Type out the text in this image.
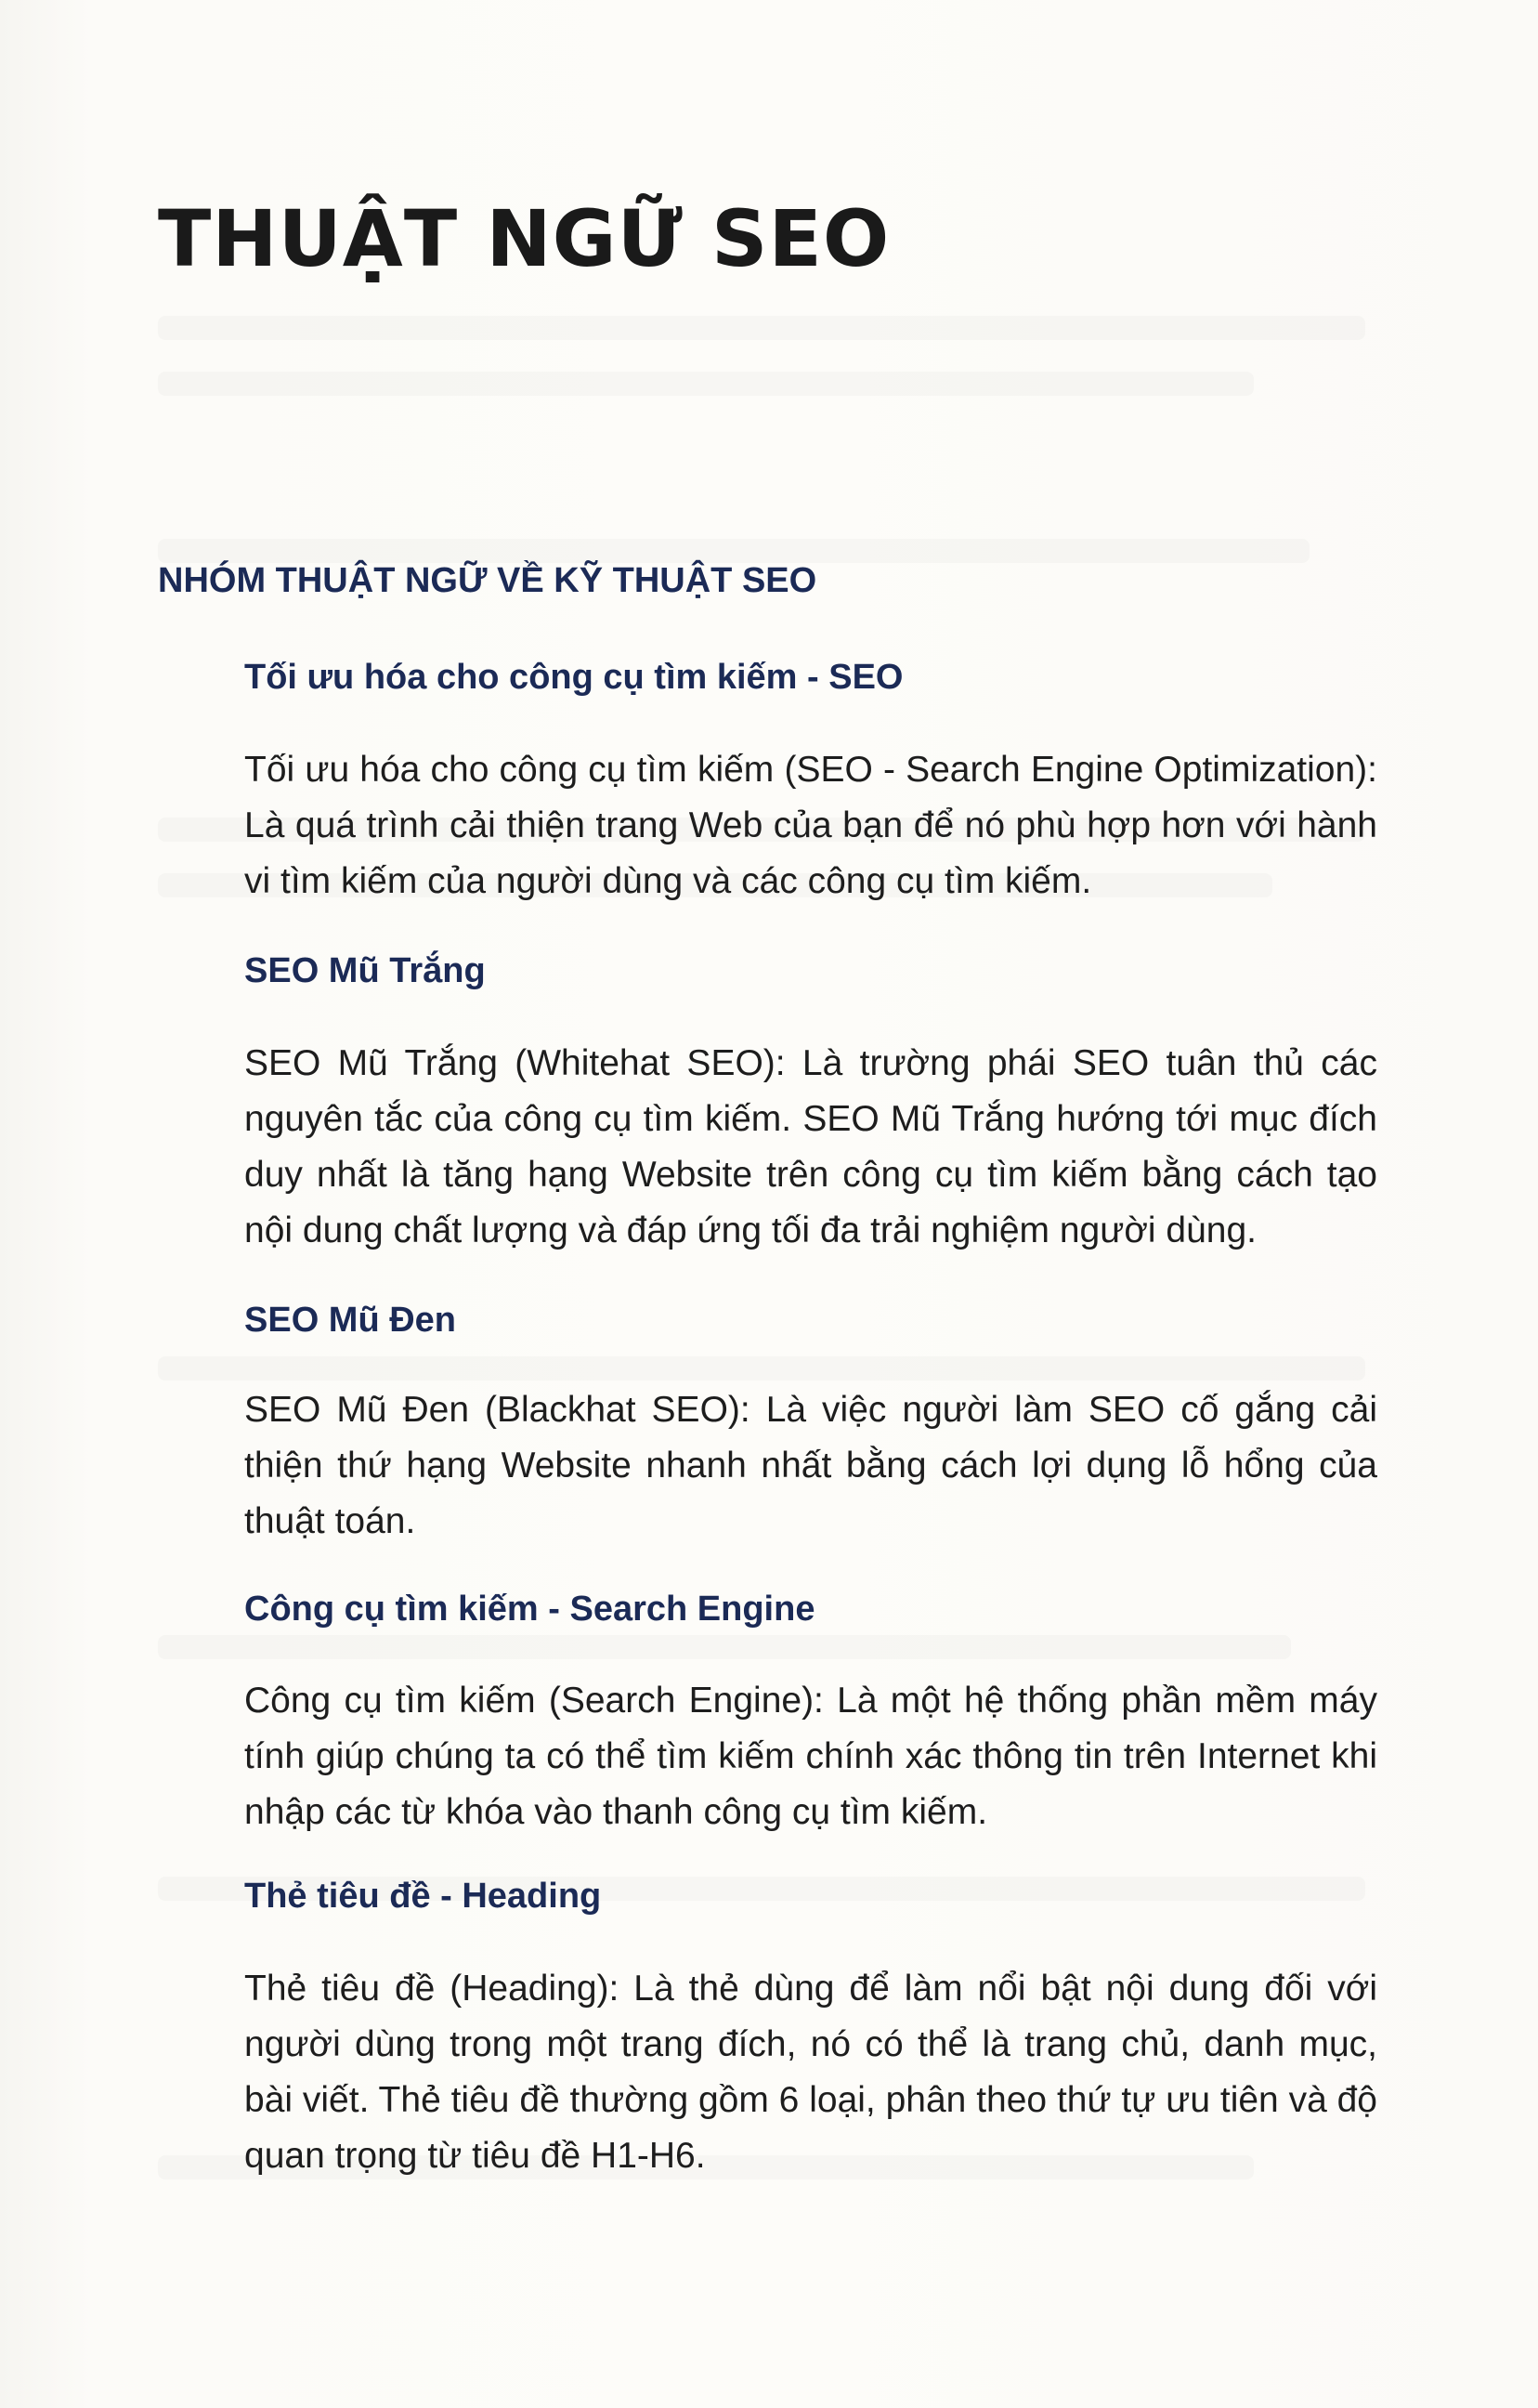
THUẬT NGỮ SEO
NHÓM THUẬT NGỮ VỀ KỸ THUẬT SEO
Tối ưu hóa cho công cụ tìm kiếm - SEO

Tối ưu hóa cho công cụ tìm kiếm (SEO - Search Engine Optimization): Là quá trình cải thiện trang Web của bạn để nó phù hợp hơn với hành vi tìm kiếm của người dùng và các công cụ tìm kiếm.

SEO Mũ Trắng

SEO Mũ Trắng (Whitehat SEO): Là trường phái SEO tuân thủ các nguyên tắc của công cụ tìm kiếm. SEO Mũ Trắng hướng tới mục đích duy nhất là tăng hạng Website trên công cụ tìm kiếm bằng cách tạo nội dung chất lượng và đáp ứng tối đa trải nghiệm người dùng.

SEO Mũ Đen

SEO Mũ Đen (Blackhat SEO): Là việc người làm SEO cố gắng cải thiện thứ hạng Website nhanh nhất bằng cách lợi dụng lỗ hổng của thuật toán.

Công cụ tìm kiếm - Search Engine

Công cụ tìm kiếm (Search Engine): Là một hệ thống phần mềm máy tính giúp chúng ta có thể tìm kiếm chính xác thông tin trên Internet khi nhập các từ khóa vào thanh công cụ tìm kiếm.

Thẻ tiêu đề - Heading

Thẻ tiêu đề (Heading): Là thẻ dùng để làm nổi bật nội dung đối với người dùng trong một trang đích, nó có thể là trang chủ, danh mục, bài viết. Thẻ tiêu đề thường gồm 6 loại, phân theo thứ tự ưu tiên và độ quan trọng từ tiêu đề H1-H6.
